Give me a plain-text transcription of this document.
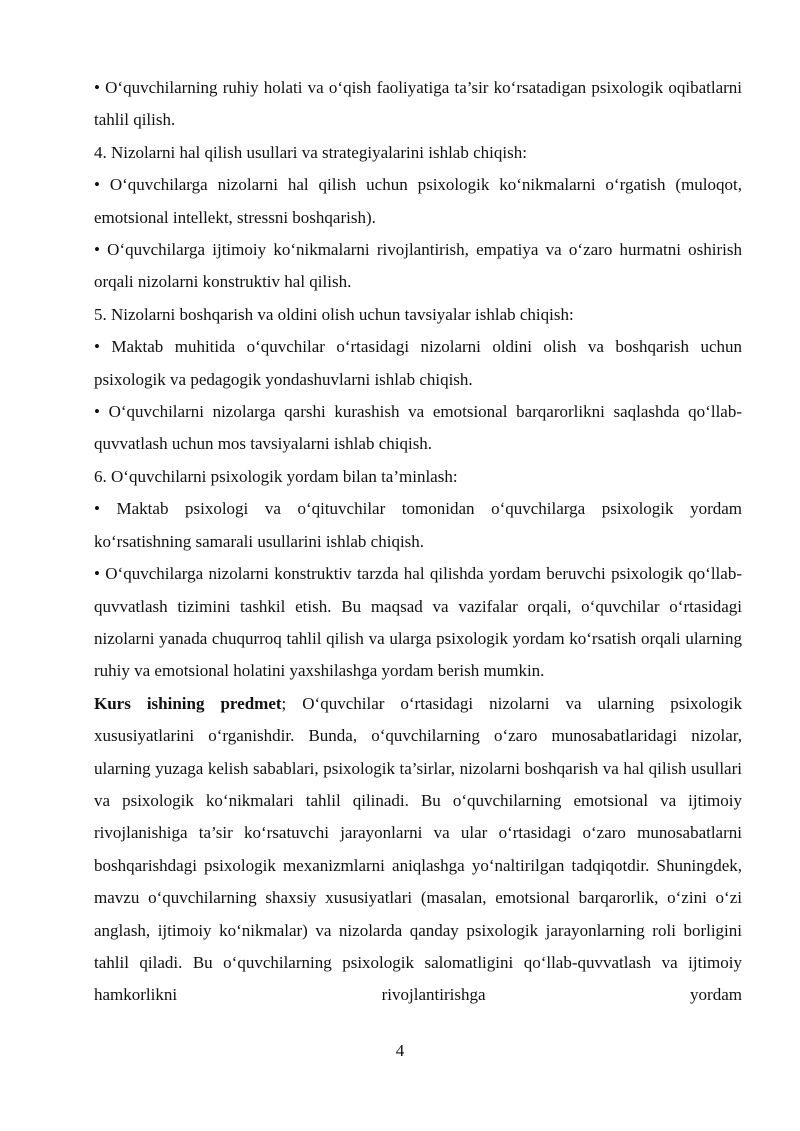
• O‘quvchilarning ruhiy holati va o‘qish faoliyatiga ta’sir ko‘rsatadigan psixologik oqibatlarni tahlil qilish.

4. Nizolarni hal qilish usullari va strategiyalarini ishlab chiqish:

• O‘quvchilarga nizolarni hal qilish uchun psixologik ko‘nikmalarni o‘rgatish (muloqot, emotsional intellekt, stressni boshqarish).

• O‘quvchilarga ijtimoiy ko‘nikmalarni rivojlantirish, empatiya va o‘zaro hurmatni oshirish orqali nizolarni konstruktiv hal qilish.

5. Nizolarni boshqarish va oldini olish uchun tavsiyalar ishlab chiqish:

• Maktab muhitida o‘quvchilar o‘rtasidagi nizolarni oldini olish va boshqarish uchun psixologik va pedagogik yondashuvlarni ishlab chiqish.

• O‘quvchilarni nizolarga qarshi kurashish va emotsional barqarorlikni saqlashda qo‘llab-quvvatlash uchun mos tavsiyalarni ishlab chiqish.

6. O‘quvchilarni psixologik yordam bilan ta’minlash:

• Maktab psixologi va o‘qituvchilar tomonidan o‘quvchilarga psixologik yordam ko‘rsatishning samarali usullarini ishlab chiqish.

• O‘quvchilarga nizolarni konstruktiv tarzda hal qilishda yordam beruvchi psixologik qo‘llab-quvvatlash tizimini tashkil etish. Bu maqsad va vazifalar orqali, o‘quvchilar o‘rtasidagi nizolarni yanada chuqurroq tahlil qilish va ularga psixologik yordam ko‘rsatish orqali ularning ruhiy va emotsional holatini yaxshilashga yordam berish mumkin.

Kurs ishining predmet; O‘quvchilar o‘rtasidagi nizolarni va ularning psixologik xususiyatlarini o‘rganishdir. Bunda, o‘quvchilarning o‘zaro munosabatlaridagi nizolar, ularning yuzaga kelish sabablari, psixologik ta’sirlar, nizolarni boshqarish va hal qilish usullari va psixologik ko‘nikmalari tahlil qilinadi. Bu o‘quvchilarning emotsional va ijtimoiy rivojlanishiga ta’sir ko‘rsatuvchi jarayonlarni va ular o‘rtasidagi o‘zaro munosabatlarni boshqarishdagi psixologik mexanizmlarni aniqlashga yo‘naltirilgan tadqiqotdir. Shuningdek, mavzu o‘quvchilarning shaxsiy xususiyatlari (masalan, emotsional barqarorlik, o‘zini o‘zi anglash, ijtimoiy ko‘nikmalar) va nizolarda qanday psixologik jarayonlarning roli borligini tahlil qiladi. Bu o‘quvchilarning psixologik salomatligini qo‘llab-quvvatlash va ijtimoiy hamkorlikni rivojlantirishga yordam

4
